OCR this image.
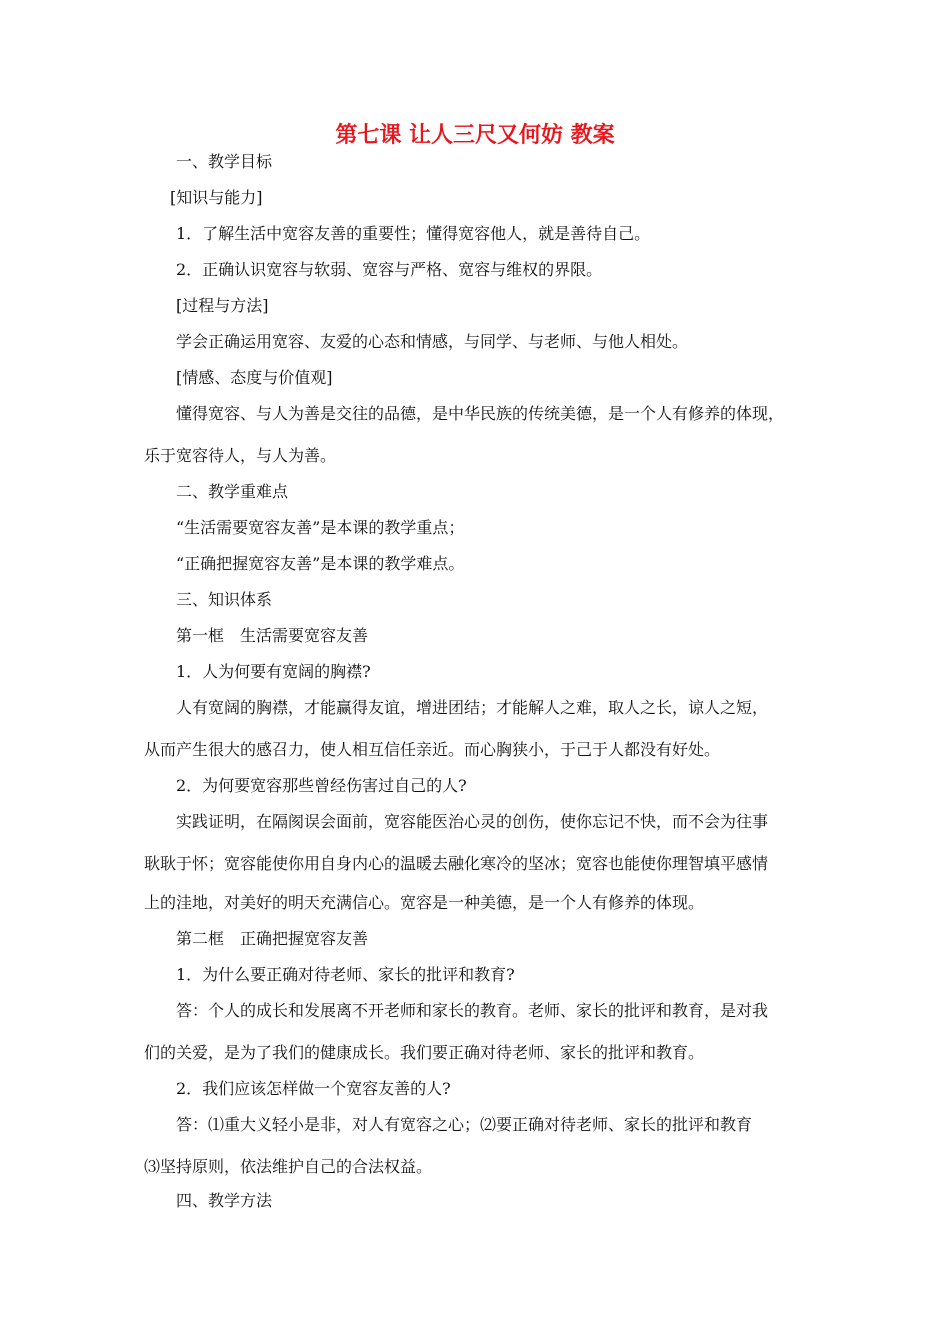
第七课 让人三尺又何妨 教案
一、教学目标
[知识与能力]
1．了解生活中宽容友善的重要性；懂得宽容他人，就是善待自己。
2．正确认识宽容与软弱、宽容与严格、宽容与维权的界限。
[过程与方法]
学会正确运用宽容、友爱的心态和情感，与同学、与老师、与他人相处。
[情感、态度与价值观]
懂得宽容、与人为善是交往的品德，是中华民族的传统美德，是一个人有修养的体现，
乐于宽容待人，与人为善。
二、教学重难点
“生活需要宽容友善”是本课的教学重点；
“正确把握宽容友善”是本课的教学难点。
三、知识体系
第一框　生活需要宽容友善
1．人为何要有宽阔的胸襟?
人有宽阔的胸襟，才能赢得友谊，增进团结；才能解人之难，取人之长，谅人之短，
从而产生很大的感召力，使人相互信任亲近。而心胸狭小，于己于人都没有好处。
2．为何要宽容那些曾经伤害过自己的人?
实践证明，在隔阂误会面前，宽容能医治心灵的创伤，使你忘记不快，而不会为往事
耿耿于怀；宽容能使你用自身内心的温暖去融化寒冷的坚冰；宽容也能使你理智填平感情
上的洼地，对美好的明天充满信心。宽容是一种美德，是一个人有修养的体现。
第二框　正确把握宽容友善
1．为什么要正确对待老师、家长的批评和教育?
答：个人的成长和发展离不开老师和家长的教育。老师、家长的批评和教育，是对我
们的关爱，是为了我们的健康成长。我们要正确对待老师、家长的批评和教育。
2．我们应该怎样做一个宽容友善的人?
答：⑴重大义轻小是非，对人有宽容之心；⑵要正确对待老师、家长的批评和教育
⑶坚持原则，依法维护自己的合法权益。
四、教学方法
